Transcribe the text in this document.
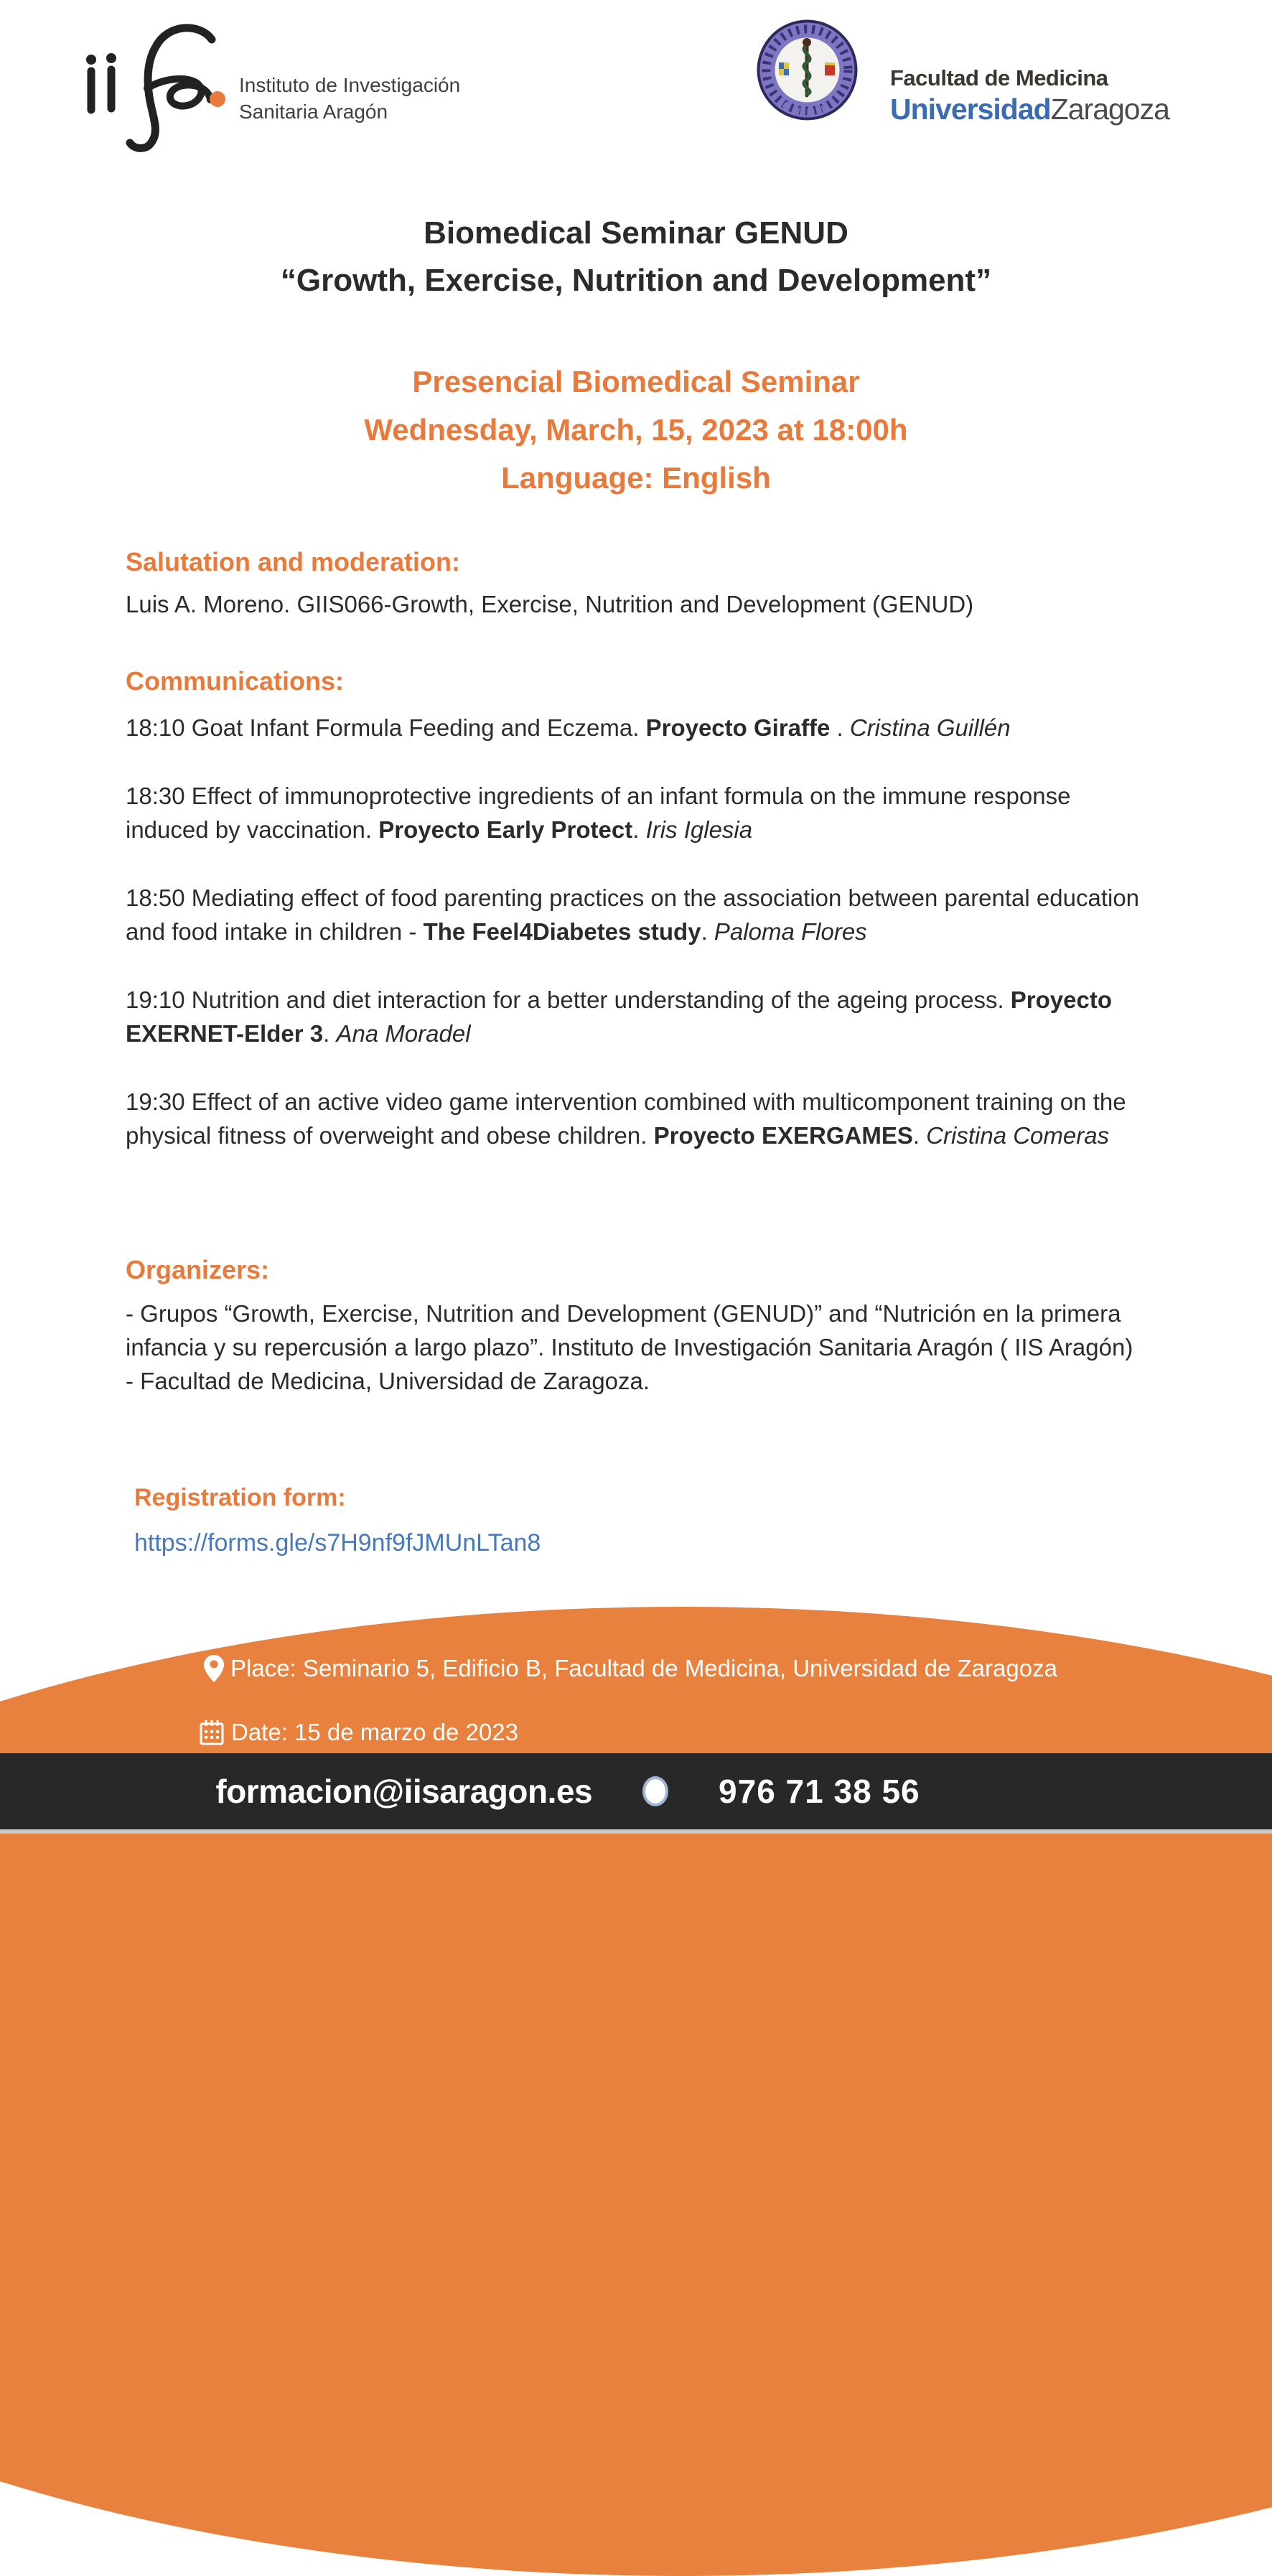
Instituto de Investigación
Sanitaria Aragón
Facultad de Medicina
UniversidadZaragoza
Biomedical Seminar GENUD
“Growth, Exercise, Nutrition and Development”
Presencial Biomedical Seminar
Wednesday, March, 15, 2023 at 18:00h
Language: English
Salutation and moderation:
Luis A. Moreno. GIIS066-Growth, Exercise, Nutrition and Development (GENUD)
Communications:

18:10 Goat Infant Formula Feeding and Eczema. Proyecto Giraffe . Cristina Guillén

18:30 Effect of immunoprotective ingredients of an infant formula on the immune response induced by vaccination. Proyecto Early Protect. Iris Iglesia

18:50 Mediating effect of food parenting practices on the association between parental education and food intake in children - The Feel4Diabetes study. Paloma Flores

19:10 Nutrition and diet interaction for a better understanding of the ageing process. Proyecto EXERNET-Elder 3. Ana Moradel

19:30 Effect of an active video game intervention combined with multicomponent training on the physical fitness of overweight and obese children. Proyecto EXERGAMES. Cristina Comeras

Organizers:

- Grupos “Growth, Exercise, Nutrition and Development (GENUD)” and “Nutrición en la primera infancia y su repercusión a largo plazo”. Instituto de Investigación Sanitaria Aragón ( IIS Aragón)

- Facultad de Medicina, Universidad de Zaragoza.

Registration form:
https://forms.gle/s7H9nf9fJMUnLTan8
Place: Seminario 5, Edificio B, Facultad de Medicina, Universidad de Zaragoza
Date: 15 de marzo de 2023
formacion@iisaragon.es	976 71 38 56
